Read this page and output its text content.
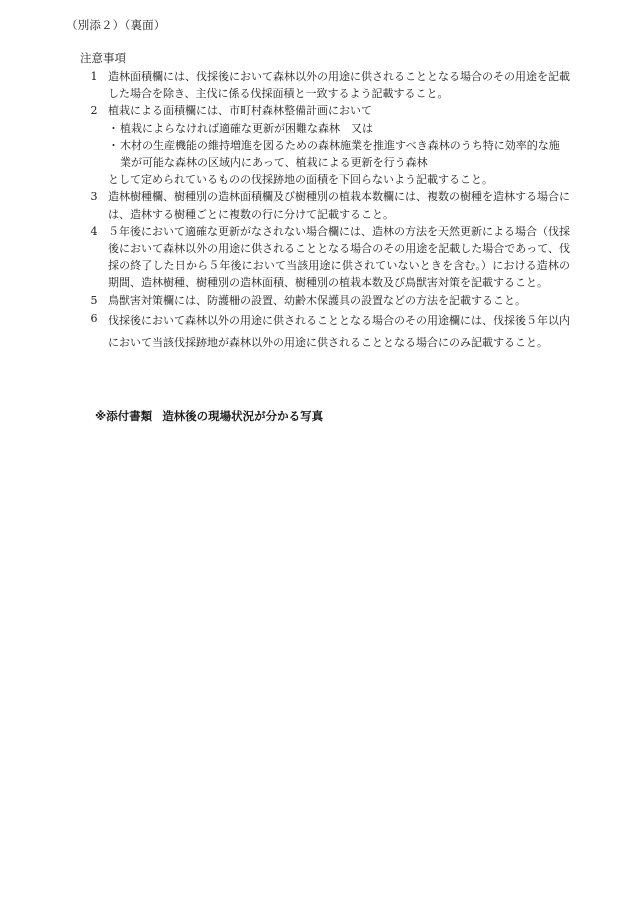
（別添２）（裏面）
注意事項
1 造林面積欄には、伐採後において森林以外の用途に供されることとなる場合のその用途を記載した場合を除き、主伐に係る伐採面積と一致するよう記載すること。
2 植栽による面積欄には、市町村森林整備計画において
・ 植栽によらなければ適確な更新が困難な森林　又は
・ 木材の生産機能の維持増進を図るための森林施業を推進すべき森林のうち特に効率的な施業が可能な森林の区域内にあって、植栽による更新を行う森林
として定められているものの伐採跡地の面積を下回らないよう記載すること。
3 造林樹種欄、樹種別の造林面積欄及び樹種別の植栽本数欄には、複数の樹種を造林する場合には、造林する樹種ごとに複数の行に分けて記載すること。
4 ５年後において適確な更新がなされない場合欄には、造林の方法を天然更新による場合（伐採後において森林以外の用途に供されることとなる場合のその用途を記載した場合であって、伐採の終了した日から５年後において当該用途に供されていないときを含む。）における造林の期間、造林樹種、樹種別の造林面積、樹種別の植栽本数及び鳥獣害対策を記載すること。
5 鳥獣害対策欄には、防護柵の設置、幼齢木保護具の設置などの方法を記載すること。
6 伐採後において森林以外の用途に供されることとなる場合のその用途欄には、伐採後５年以内において当該伐採跡地が森林以外の用途に供されることとなる場合にのみ記載すること。
※添付書類 造林後の現場状況が分かる写真
